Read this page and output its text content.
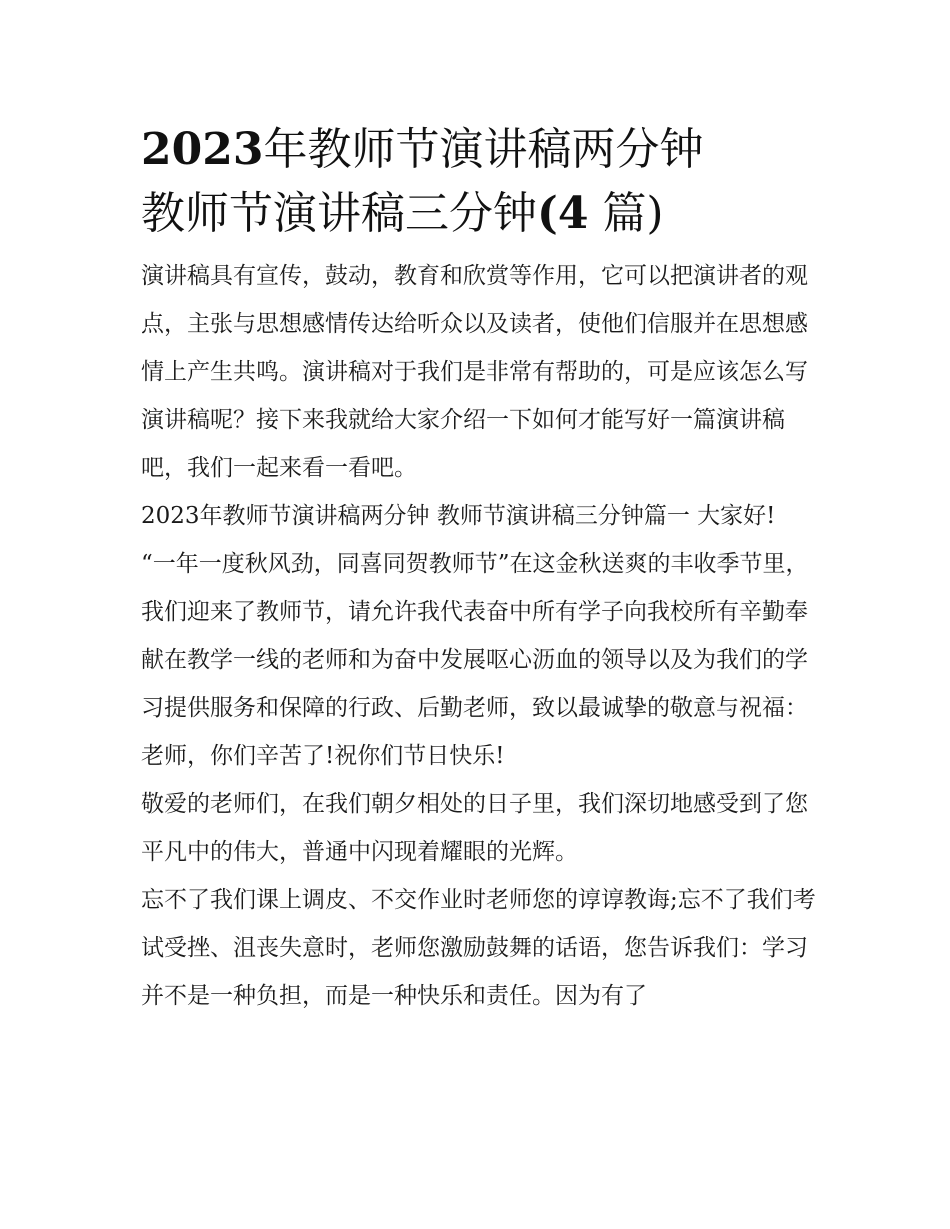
2023年教师节演讲稿两分钟
教师节演讲稿三分钟(4 篇)

演讲稿具有宣传，鼓动，教育和欣赏等作用，它可以把演讲者的观点，主张与思想感情传达给听众以及读者，使他们信服并在思想感情上产生共鸣。演讲稿对于我们是非常有帮助的，可是应该怎么写演讲稿呢？接下来我就给大家介绍一下如何才能写好一篇演讲稿吧，我们一起来看一看吧。

2023年教师节演讲稿两分钟 教师节演讲稿三分钟篇一 大家好!

“一年一度秋风劲，同喜同贺教师节”在这金秋送爽的丰收季节里，我们迎来了教师节，请允许我代表奋中所有学子向我校所有辛勤奉献在教学一线的老师和为奋中发展呕心沥血的领导以及为我们的学习提供服务和保障的行政、后勤老师，致以最诚挚的敬意与祝福：老师，你们辛苦了!祝你们节日快乐!

敬爱的老师们，在我们朝夕相处的日子里，我们深切地感受到了您平凡中的伟大，普通中闪现着耀眼的光辉。

忘不了我们课上调皮、不交作业时老师您的谆谆教诲;忘不了我们考试受挫、沮丧失意时，老师您激励鼓舞的话语，您告诉我们：学习并不是一种负担，而是一种快乐和责任。因为有了
